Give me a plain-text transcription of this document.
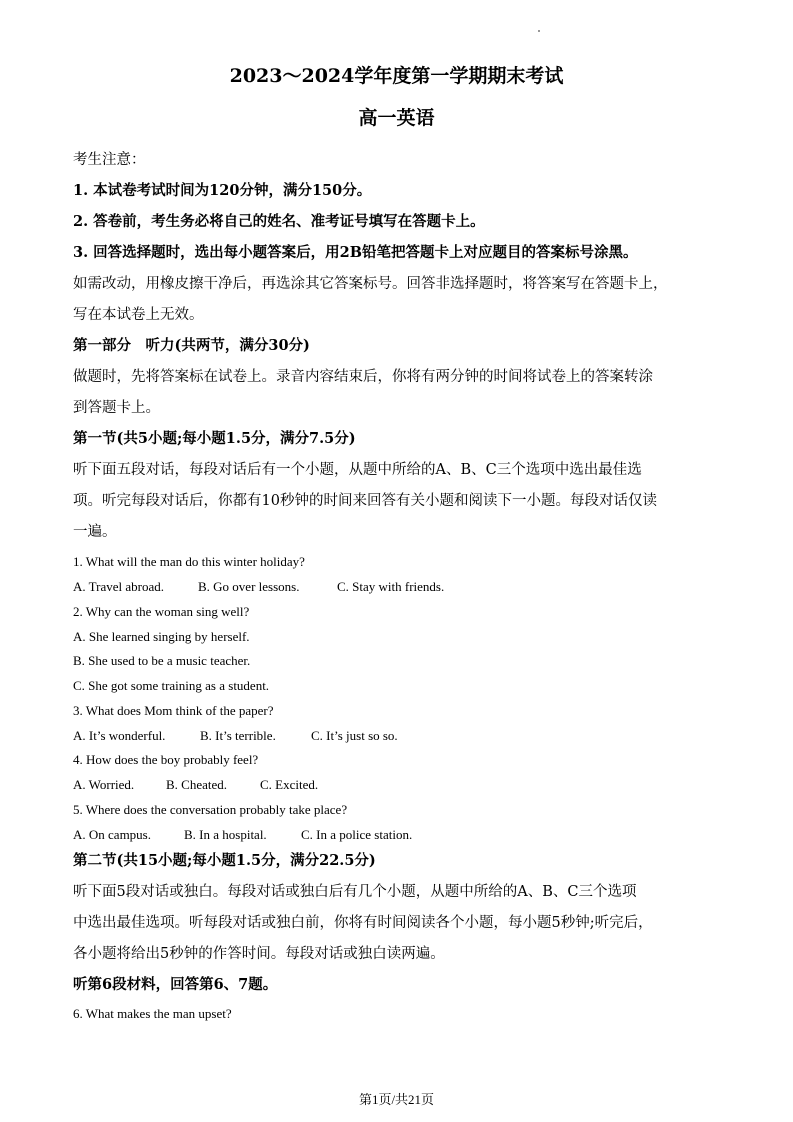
2023～2024学年度第一学期期末考试
高一英语
考生注意：
1. 本试卷考试时间为120分钟，满分150分。
2. 答卷前，考生务必将自己的姓名、准考证号填写在答题卡上。
3. 回答选择题时，选出每小题答案后，用2B铅笔把答题卡上对应题目的答案标号涂黑。
如需改动，用橡皮擦干净后，再选涂其它答案标号。回答非选择题时，将答案写在答题卡上，
写在本试卷上无效。
第一部分　听力(共两节，满分30分)
做题时，先将答案标在试卷上。录音内容结束后，你将有两分钟的时间将试卷上的答案转涂
到答题卡上。
第一节(共5小题;每小题1.5分，满分7.5分)
听下面五段对话，每段对话后有一个小题，从题中所给的A、B、C三个选项中选出最佳选
项。听完每段对话后，你都有10秒钟的时间来回答有关小题和阅读下一小题。每段对话仅读
一遍。
1. What will the man do this winter holiday?
A. Travel abroad.	B. Go over lessons.	C. Stay with friends.
2. Why can the woman sing well?
A. She learned singing by herself.
B. She used to be a music teacher.
C. She got some training as a student.
3. What does Mom think of the paper?
A. It’s wonderful.	B. It’s terrible.	C. It’s just so so.
4. How does the boy probably feel?
A. Worried. B. Cheated.	C. Excited.
5. Where does the conversation probably take place?
A. On campus.	B. In a hospital.	C. In a police station.
第二节(共15小题;每小题1.5分，满分22.5分)
听下面5段对话或独白。每段对话或独白后有几个小题，从题中所给的A、B、C三个选项
中选出最佳选项。听每段对话或独白前，你将有时间阅读各个小题，每小题5秒钟;听完后，
各小题将给出5秒钟的作答时间。每段对话或独白读两遍。
听第6段材料，回答第6、7题。
6. What makes the man upset?
第1页/共21页
